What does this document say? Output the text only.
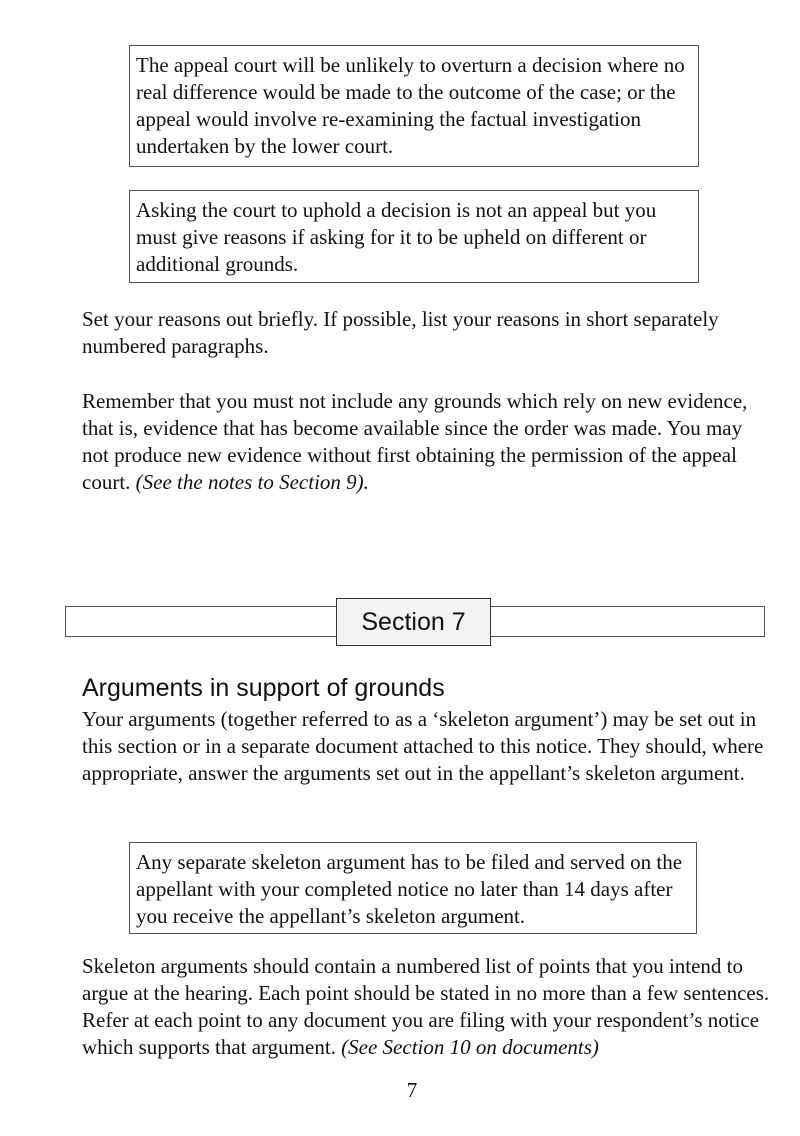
The appeal court will be unlikely to overturn a decision where no real difference would be made to the outcome of the case; or the appeal would involve re-examining the factual investigation undertaken by the lower court.
Asking the court to uphold a decision is not an appeal but you must give reasons if asking for it to be upheld on different or additional grounds.

Set your reasons out briefly. If possible, list your reasons in short separately numbered paragraphs.

Remember that you must not include any grounds which rely on new evidence, that is, evidence that has become available since the order was made. You may not produce new evidence without first obtaining the permission of the appeal court. (See the notes to Section 9).

Section 7
Arguments in support of grounds

Your arguments (together referred to as a ‘skeleton argument’) may be set out in this section or in a separate document attached to this notice. They should, where appropriate, answer the arguments set out in the appellant’s skeleton argument.

Any separate skeleton argument has to be filed and served on the appellant with your completed notice no later than 14 days after you receive the appellant’s skeleton argument.

Skeleton arguments should contain a numbered list of points that you intend to argue at the hearing. Each point should be stated in no more than a few sentences. Refer at each point to any document you are filing with your respondent’s notice which supports that argument. (See Section 10 on documents)

7
